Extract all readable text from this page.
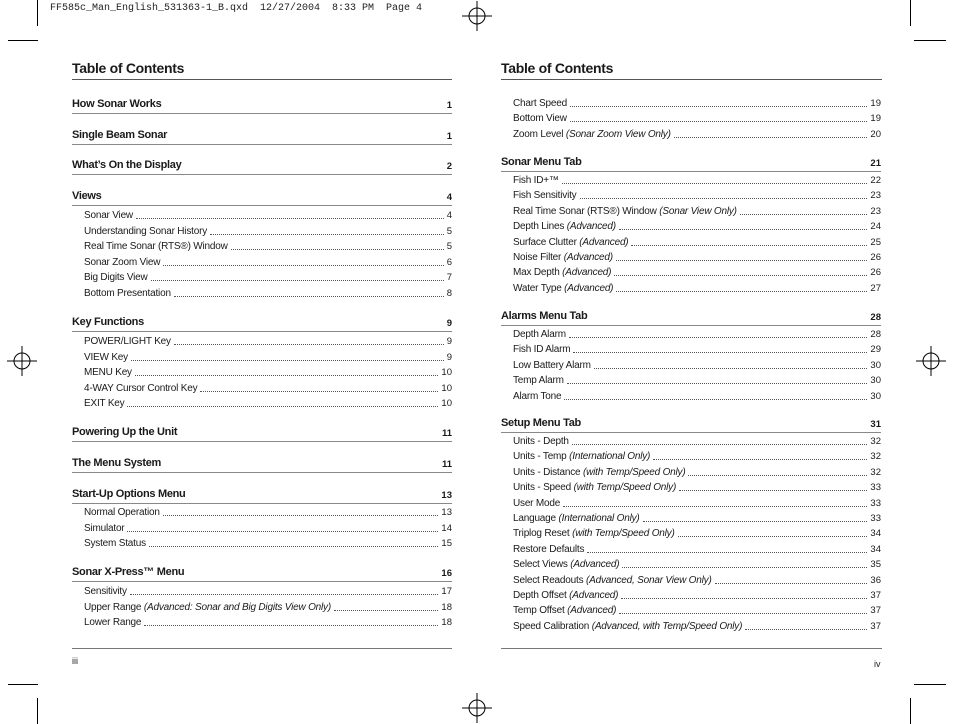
FF585c_Man_English_531363-1_B.qxd  12/27/2004  8:33 PM  Page 4
Table of Contents
How Sonar Works	1
Single Beam Sonar	1
What’s On the Display	2
Views	4
Sonar View	4
Understanding Sonar History	5
Real Time Sonar (RTS®) Window	5
Sonar Zoom View	6
Big Digits View	7
Bottom Presentation	8
Key Functions	9
POWER/LIGHT Key	9
VIEW Key	9
MENU Key	10
4-WAY Cursor Control Key	10
EXIT Key	10
Powering Up the Unit	11
The Menu System	11
Start-Up Options Menu	13
Normal Operation	13
Simulator	14
System Status	15
Sonar X-Press™ Menu	16
Sensitivity	17
Upper Range (Advanced: Sonar and Big Digits View Only)	18
Lower Range	18
iii
Table of Contents
Chart Speed	19
Bottom View	19
Zoom Level (Sonar Zoom View Only)	20
Sonar Menu Tab	21
Fish ID+™	22
Fish Sensitivity	23
Real Time Sonar (RTS®) Window (Sonar View Only)	23
Depth Lines (Advanced)	24
Surface Clutter (Advanced)	25
Noise Filter (Advanced)	26
Max Depth (Advanced)	26
Water Type (Advanced)	27
Alarms Menu Tab	28
Depth Alarm	28
Fish ID Alarm	29
Low Battery Alarm	30
Temp Alarm	30
Alarm Tone	30
Setup Menu Tab	31
Units - Depth	32
Units - Temp (International Only)	32
Units - Distance (with Temp/Speed Only)	32
Units - Speed (with Temp/Speed Only)	33
User Mode	33
Language (International Only)	33
Triplog Reset (with Temp/Speed Only)	34
Restore Defaults	34
Select Views (Advanced)	35
Select Readouts (Advanced, Sonar View Only)	36
Depth Offset (Advanced)	37
Temp Offset (Advanced)	37
Speed Calibration (Advanced, with Temp/Speed Only)	37
iv
